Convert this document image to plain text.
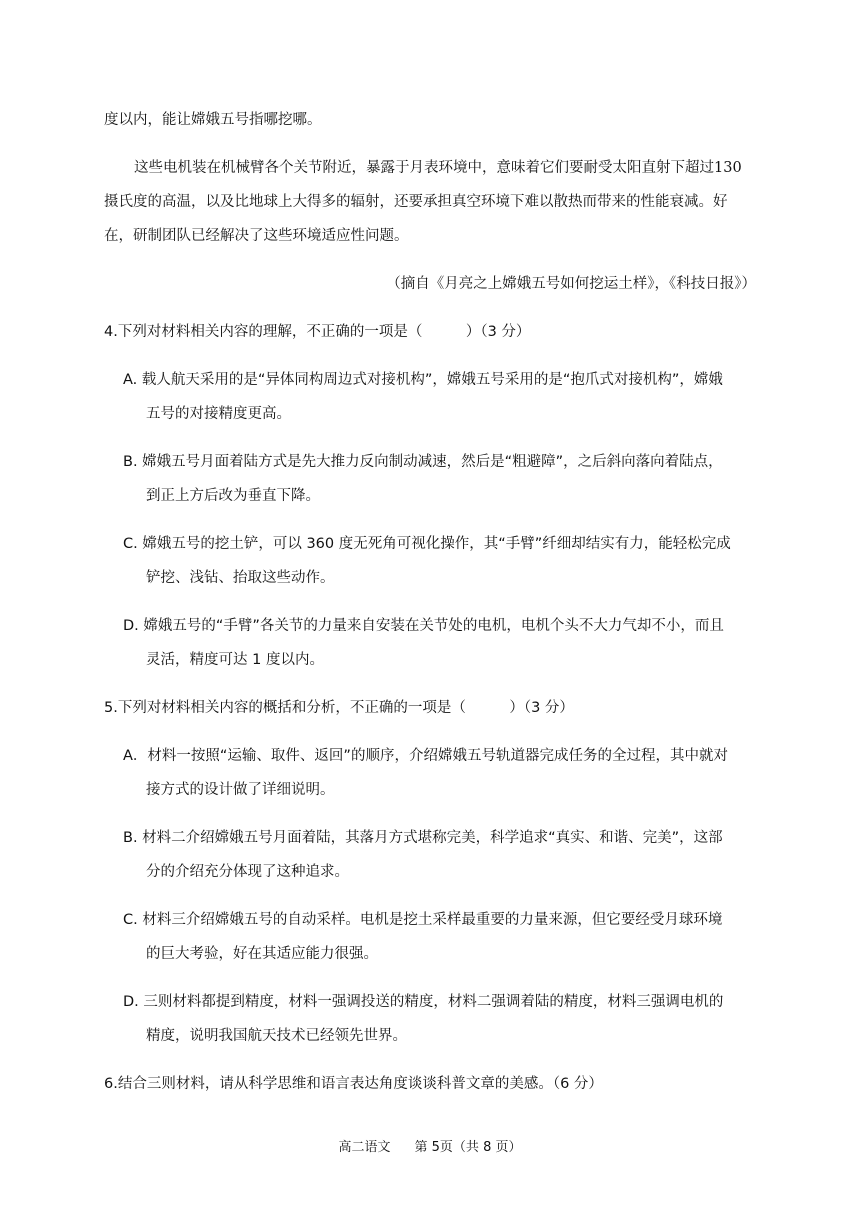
度以内，能让嫦娥五号指哪挖哪。
这些电机装在机械臂各个关节附近，暴露于月表环境中，意味着它们要耐受太阳直射下超过130
摄氏度的高温，以及比地球上大得多的辐射，还要承担真空环境下难以散热而带来的性能衰减。好
在，研制团队已经解决了这些环境适应性问题。
（摘自《月亮之上嫦娥五号如何挖运土样》，《科技日报》）
4.下列对材料相关内容的理解，不正确的一项是（　　　）（3 分）
A. 载人航天采用的是“异体同构周边式对接机构”，嫦娥五号采用的是“抱爪式对接机构”，嫦娥
五号的对接精度更高。
B. 嫦娥五号月面着陆方式是先大推力反向制动减速，然后是“粗避障”，之后斜向落向着陆点，
到正上方后改为垂直下降。
C. 嫦娥五号的挖土铲，可以 360 度无死角可视化操作，其“手臂”纤细却结实有力，能轻松完成
铲挖、浅钻、抬取这些动作。
D. 嫦娥五号的“手臂”各关节的力量来自安装在关节处的电机，电机个头不大力气却不小，而且
灵活，精度可达 1 度以内。
5.下列对材料相关内容的概括和分析，不正确的一项是（　　　）（3 分）
A．材料一按照“运输、取件、返回”的顺序，介绍嫦娥五号轨道器完成任务的全过程，其中就对
接方式的设计做了详细说明。
B. 材料二介绍嫦娥五号月面着陆，其落月方式堪称完美，科学追求“真实、和谐、完美”，这部
分的介绍充分体现了这种追求。
C. 材料三介绍嫦娥五号的自动采样。电机是挖土采样最重要的力量来源，但它要经受月球环境
的巨大考验，好在其适应能力很强。
D. 三则材料都提到精度，材料一强调投送的精度，材料二强调着陆的精度，材料三强调电机的
精度，说明我国航天技术已经领先世界。
6.结合三则材料，请从科学思维和语言表达角度谈谈科普文章的美感。（6 分）
高二语文 第 5页（共 8 页）
